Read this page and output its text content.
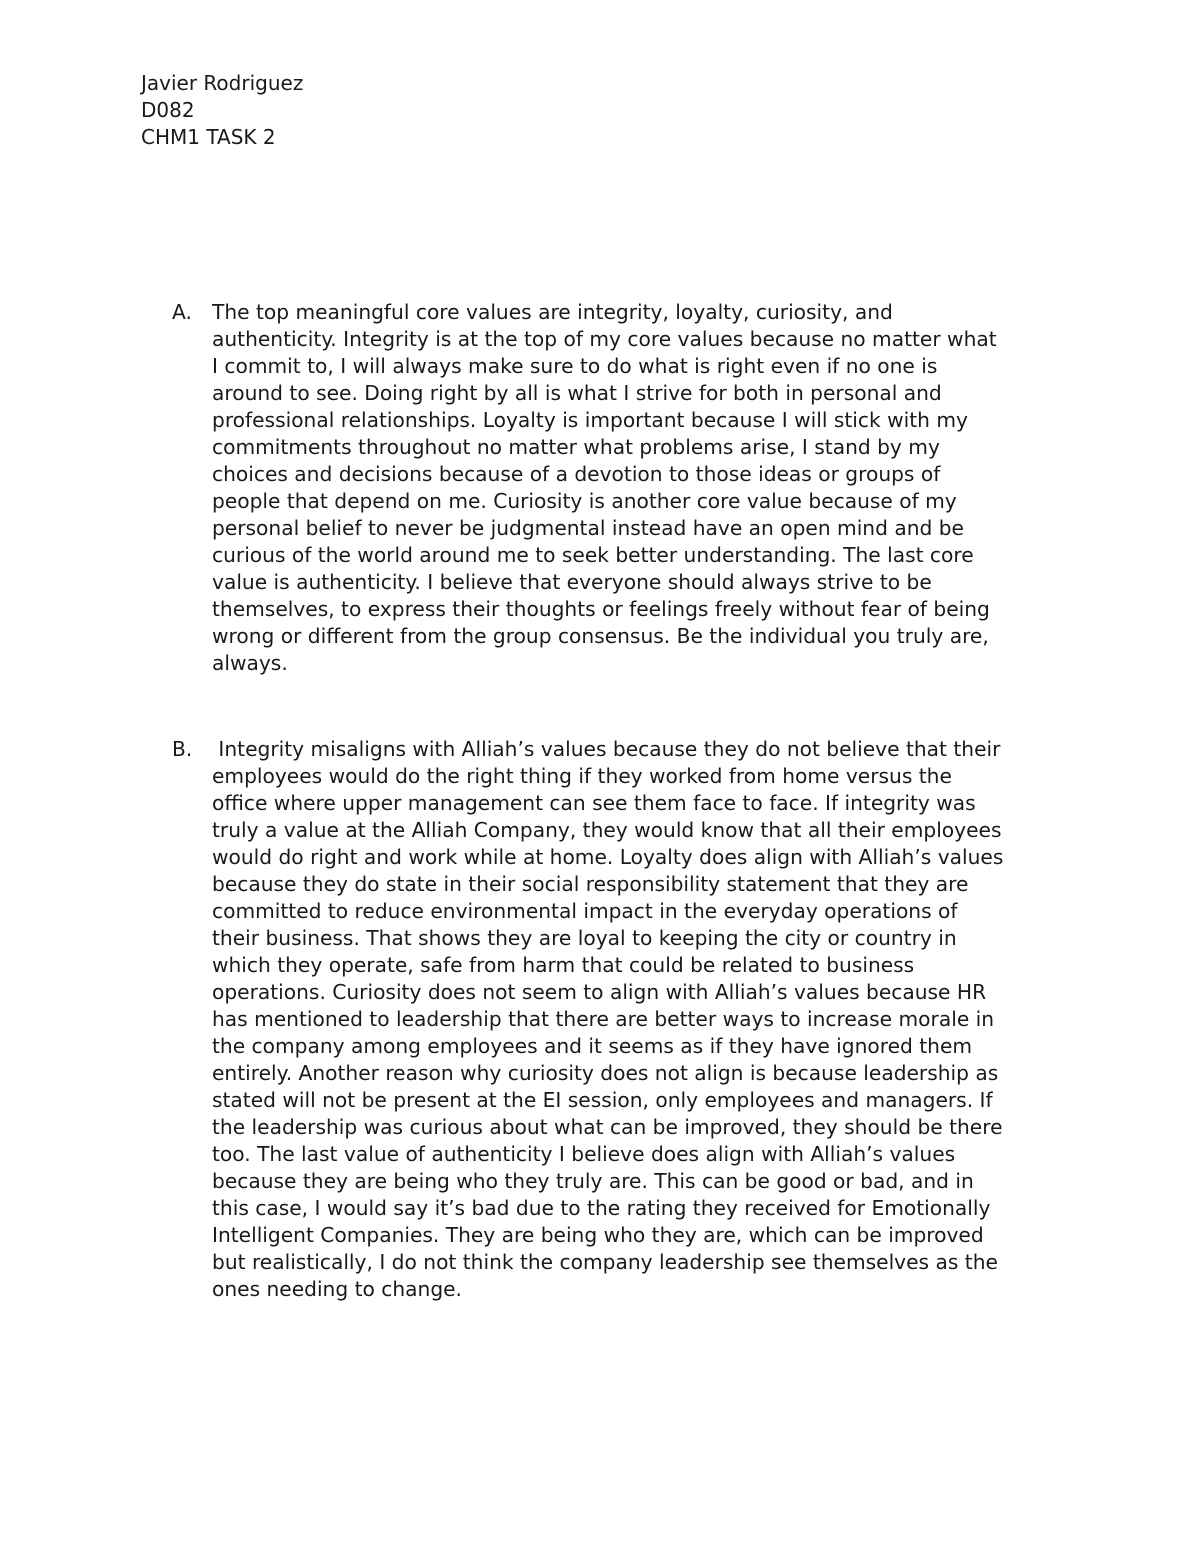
Javier Rodriguez
D082
CHM1 TASK 2
A. The top meaningful core values are integrity, loyalty, curiosity, and
authenticity. Integrity is at the top of my core values because no matter what
I commit to, I will always make sure to do what is right even if no one is
around to see. Doing right by all is what I strive for both in personal and
professional relationships. Loyalty is important because I will stick with my
commitments throughout no matter what problems arise, I stand by my
choices and decisions because of a devotion to those ideas or groups of
people that depend on me. Curiosity is another core value because of my
personal belief to never be judgmental instead have an open mind and be
curious of the world around me to seek better understanding. The last core
value is authenticity. I believe that everyone should always strive to be
themselves, to express their thoughts or feelings freely without fear of being
wrong or different from the group consensus. Be the individual you truly are,
always.
B. Integrity misaligns with Alliah’s values because they do not believe that their
employees would do the right thing if they worked from home versus the
office where upper management can see them face to face. If integrity was
truly a value at the Alliah Company, they would know that all their employees
would do right and work while at home. Loyalty does align with Alliah’s values
because they do state in their social responsibility statement that they are
committed to reduce environmental impact in the everyday operations of
their business. That shows they are loyal to keeping the city or country in
which they operate, safe from harm that could be related to business
operations. Curiosity does not seem to align with Alliah’s values because HR
has mentioned to leadership that there are better ways to increase morale in
the company among employees and it seems as if they have ignored them
entirely. Another reason why curiosity does not align is because leadership as
stated will not be present at the EI session, only employees and managers. If
the leadership was curious about what can be improved, they should be there
too. The last value of authenticity I believe does align with Alliah’s values
because they are being who they truly are. This can be good or bad, and in
this case, I would say it’s bad due to the rating they received for Emotionally
Intelligent Companies. They are being who they are, which can be improved
but realistically, I do not think the company leadership see themselves as the
ones needing to change.
